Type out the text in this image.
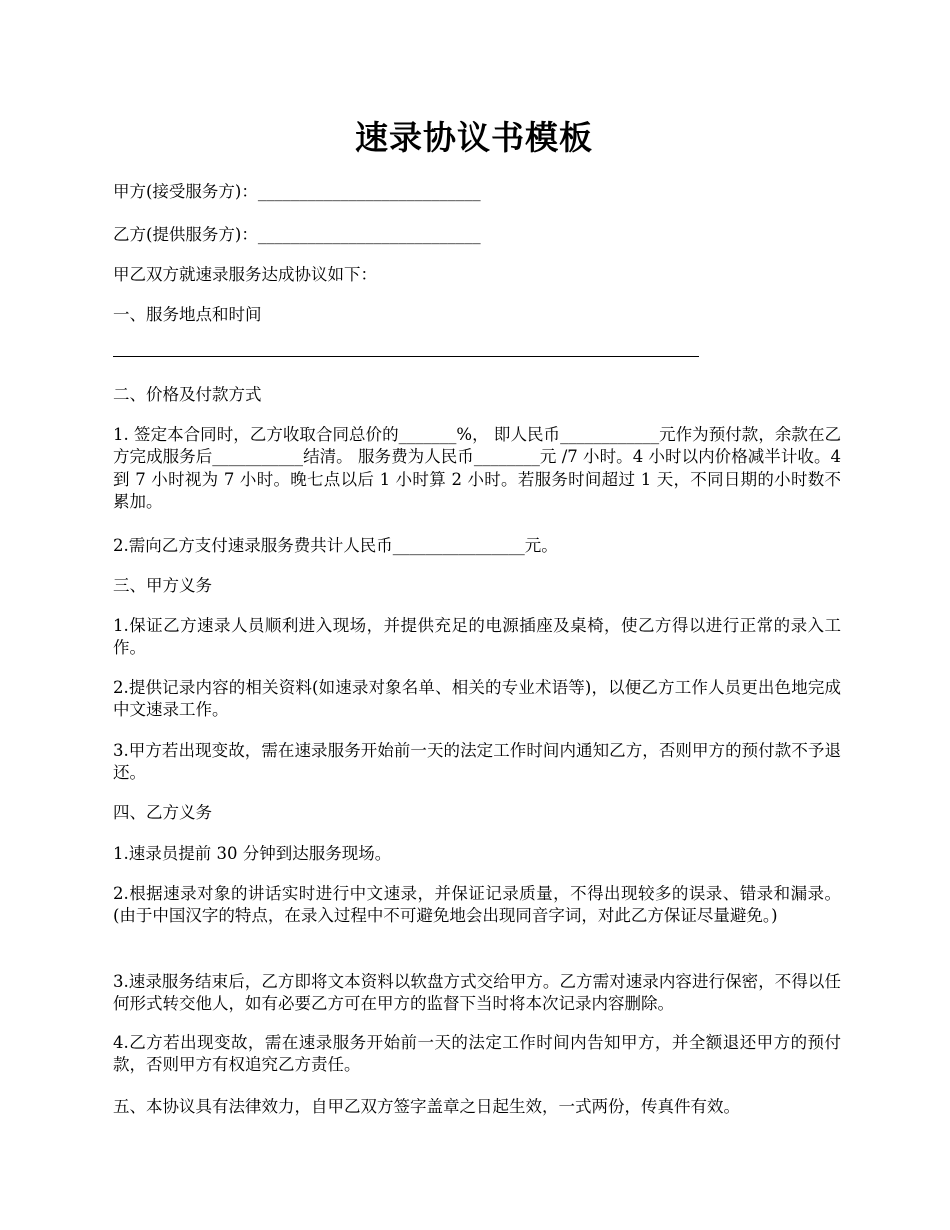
速录协议书模板

甲方(接受服务方)：___________________________

乙方(提供服务方)：___________________________

甲乙双方就速录服务达成协议如下：

一、服务地点和时间

二、价格及付款方式

1. 签定本合同时，乙方收取合同总价的_______%， 即人民币____________元作为预付款，余款在乙方完成服务后___________结清。 服务费为人民币________元 /7 小时。4 小时以内价格减半计收。4 到 7 小时视为 7 小时。晚七点以后 1 小时算 2 小时。若服务时间超过 1 天，不同日期的小时数不累加。

2.需向乙方支付速录服务费共计人民币________________元。

三、甲方义务

1.保证乙方速录人员顺利进入现场，并提供充足的电源插座及桌椅，使乙方得以进行正常的录入工作。

2.提供记录内容的相关资料(如速录对象名单、相关的专业术语等)，以便乙方工作人员更出色地完成中文速录工作。

3.甲方若出现变故，需在速录服务开始前一天的法定工作时间内通知乙方，否则甲方的预付款不予退还。

四、乙方义务

1.速录员提前 30 分钟到达服务现场。

2.根据速录对象的讲话实时进行中文速录，并保证记录质量，不得出现较多的误录、错录和漏录。(由于中国汉字的特点，在录入过程中不可避免地会出现同音字词，对此乙方保证尽量避免。)

3.速录服务结束后，乙方即将文本资料以软盘方式交给甲方。乙方需对速录内容进行保密，不得以任何形式转交他人，如有必要乙方可在甲方的监督下当时将本次记录内容删除。

4.乙方若出现变故，需在速录服务开始前一天的法定工作时间内告知甲方，并全额退还甲方的预付款，否则甲方有权追究乙方责任。

五、本协议具有法律效力，自甲乙双方签字盖章之日起生效，一式两份，传真件有效。
